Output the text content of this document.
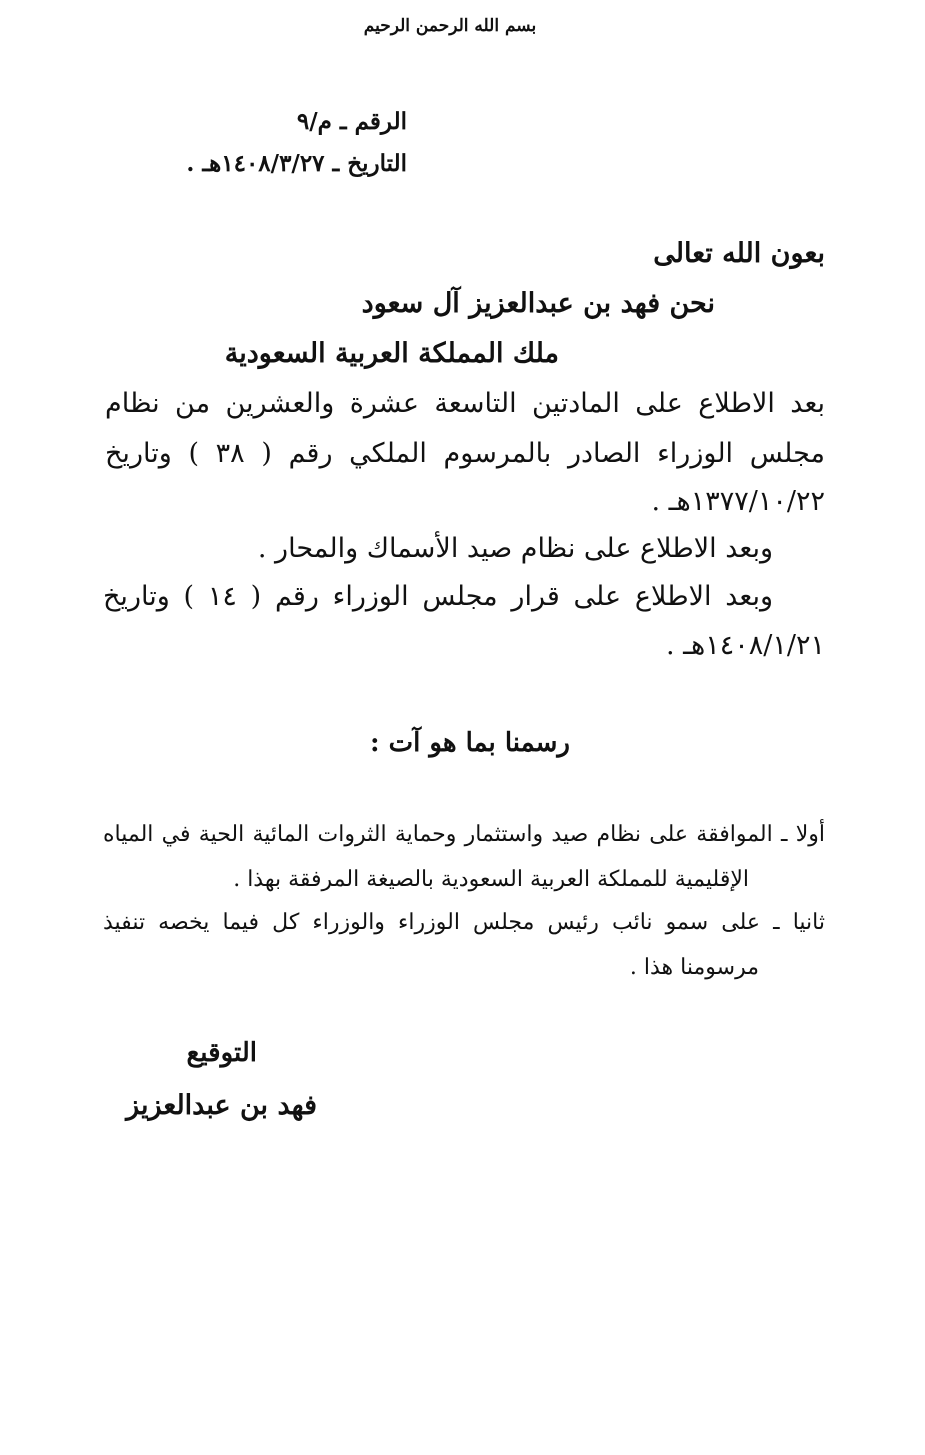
بسم الله الرحمن الرحيم
الرقم ـ م/٩
التاريخ ـ ١٤٠٨/٣/٢٧هـ .
بعون الله تعالى
نحن فهد بن عبدالعزيز آل سعود
ملك المملكة العربية السعودية
بعد الاطلاع على المادتين التاسعة عشرة والعشرين من نظام
مجلس الوزراء الصادر بالمرسوم الملكي رقم ( ٣٨ ) وتاريخ
١٣٧٧/١٠/٢٢هـ .
وبعد الاطلاع على نظام صيد الأسماك والمحار .
وبعد الاطلاع على قرار مجلس الوزراء رقم ( ١٤ ) وتاريخ
١٤٠٨/١/٢١هـ .
رسمنا بما هو آت :
أولا ـ الموافقة على نظام صيد واستثمار وحماية الثروات المائية الحية في المياه
الإقليمية للمملكة العربية السعودية بالصيغة المرفقة بهذا .
ثانيا ـ على سمو نائب رئيس مجلس الوزراء والوزراء كل فيما يخصه تنفيذ
مرسومنا هذا .
التوقيع
فهد بن عبدالعزيز
